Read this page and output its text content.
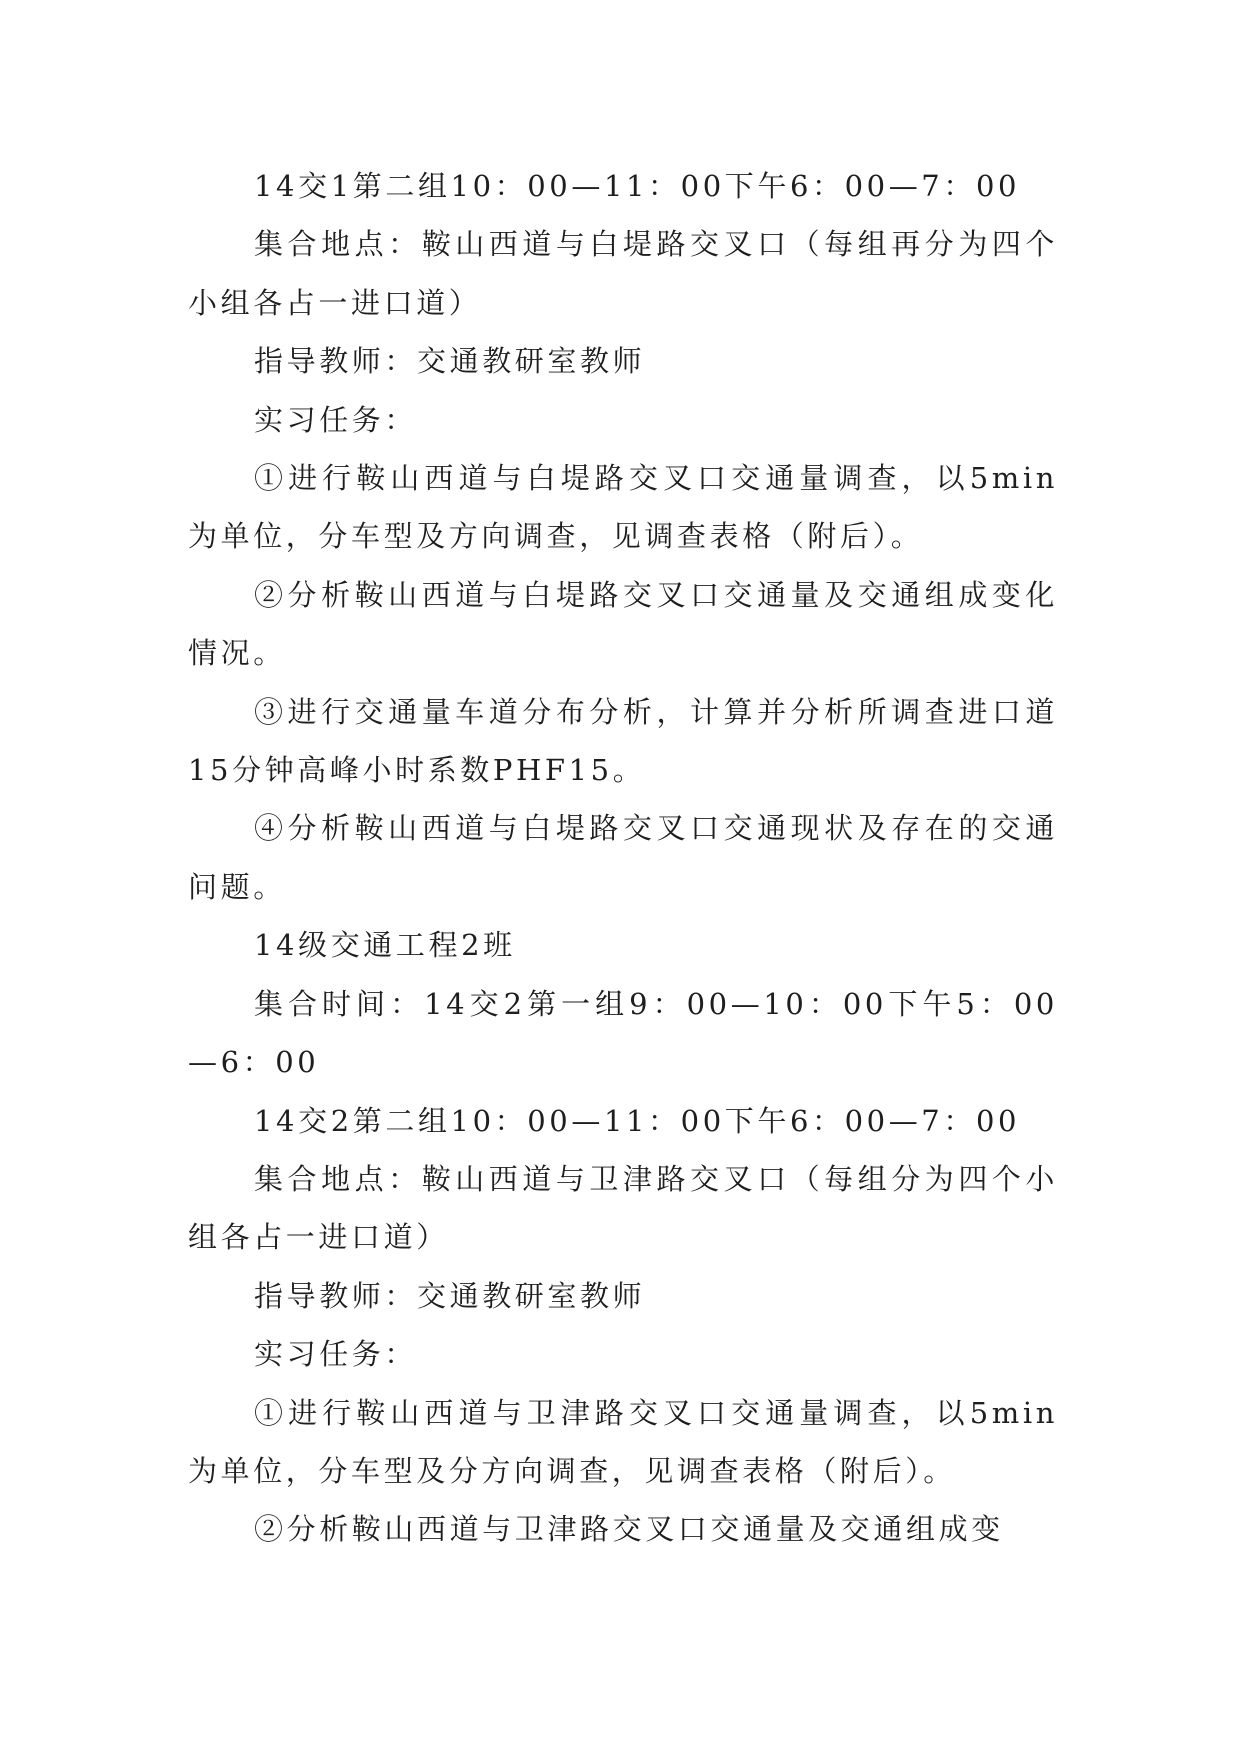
14交1第二组10：00—11：00下午6：00—7：00

集合地点：鞍山西道与白堤路交叉口（每组再分为四个小组各占一进口道）

指导教师：交通教研室教师

实习任务：

①进行鞍山西道与白堤路交叉口交通量调查，以5min为单位，分车型及方向调查，见调查表格（附后）。

②分析鞍山西道与白堤路交叉口交通量及交通组成变化情况。

③进行交通量车道分布分析，计算并分析所调查进口道15分钟高峰小时系数PHF15。

④分析鞍山西道与白堤路交叉口交通现状及存在的交通问题。

14级交通工程2班

集合时间：14交2第一组9：00—10：00下午5：00—6：00

14交2第二组10：00—11：00下午6：00—7：00

集合地点：鞍山西道与卫津路交叉口（每组分为四个小组各占一进口道）

指导教师：交通教研室教师

实习任务：

①进行鞍山西道与卫津路交叉口交通量调查，以5min为单位，分车型及分方向调查，见调查表格（附后）。

②分析鞍山西道与卫津路交叉口交通量及交通组成变
